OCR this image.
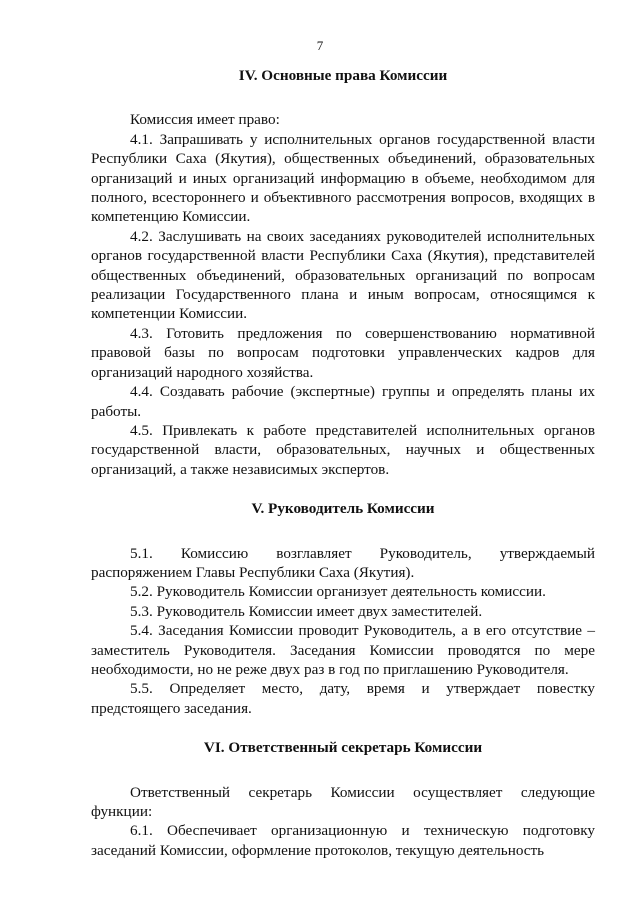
7

IV. Основные права Комиссии

Комиссия имеет право:

4.1. Запрашивать у исполнительных органов государственной власти Республики Саха (Якутия), общественных объединений, образовательных организаций и иных организаций информацию в объеме, необходимом для полного, всестороннего и объективного рассмотрения вопросов, входящих в компетенцию Комиссии.

4.2. Заслушивать на своих заседаниях руководителей исполнительных органов государственной власти Республики Саха (Якутия), представителей общественных объединений, образовательных организаций по вопросам реализации Государственного плана и иным вопросам, относящимся к компетенции Комиссии.

4.3. Готовить предложения по совершенствованию нормативной правовой базы по вопросам подготовки управленческих кадров для организаций народного хозяйства.

4.4. Создавать рабочие (экспертные) группы и определять планы их работы.

4.5. Привлекать к работе представителей исполнительных органов государственной власти, образовательных, научных и общественных организаций, а также независимых экспертов.

V. Руководитель Комиссии

5.1. Комиссию возглавляет Руководитель, утверждаемый распоряжением Главы Республики Саха (Якутия).

5.2. Руководитель Комиссии организует деятельность комиссии.

5.3. Руководитель Комиссии имеет двух заместителей.

5.4. Заседания Комиссии проводит Руководитель, а в его отсутствие – заместитель Руководителя. Заседания Комиссии проводятся по мере необходимости, но не реже двух раз в год по приглашению Руководителя.

5.5. Определяет место, дату, время и утверждает повестку предстоящего заседания.

VI. Ответственный секретарь Комиссии

Ответственный секретарь Комиссии осуществляет следующие функции:

6.1. Обеспечивает организационную и техническую подготовку заседаний Комиссии, оформление протоколов, текущую деятельность
